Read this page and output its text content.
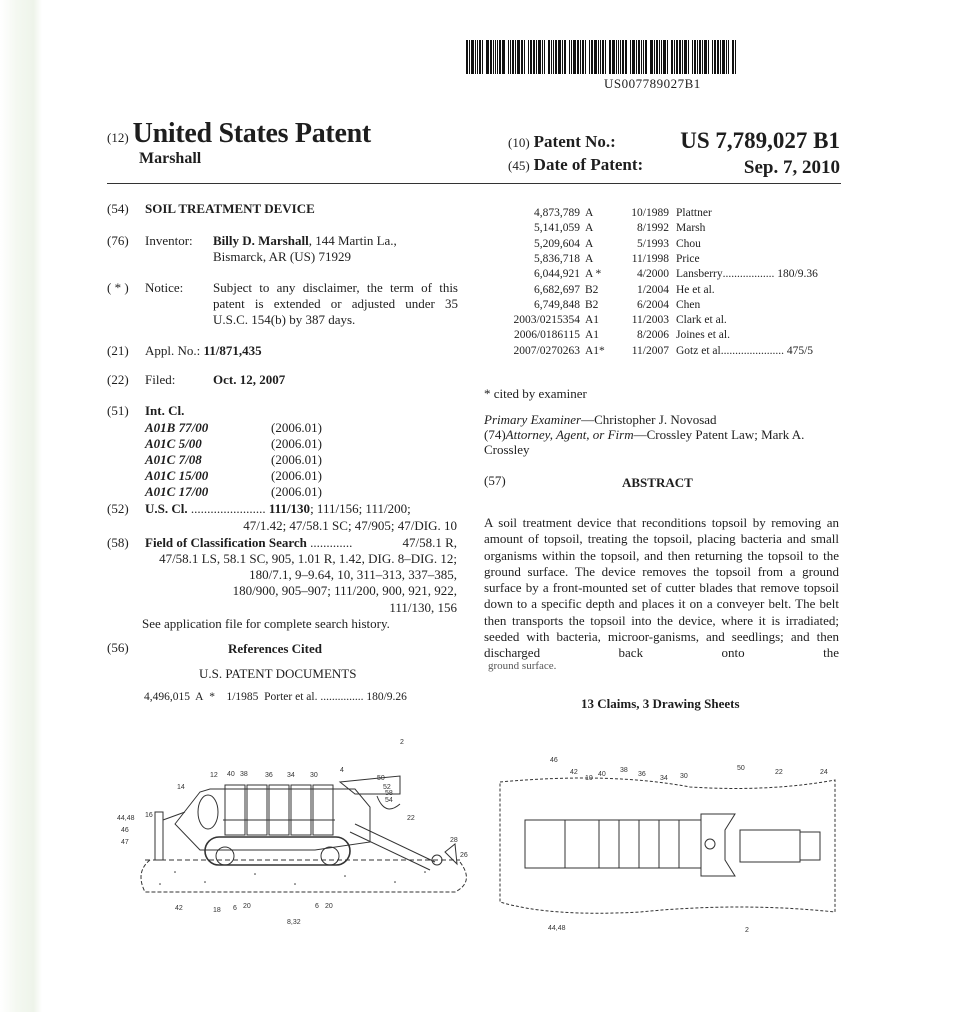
US007789027B1
(12) United States Patent
Marshall
(10) Patent No.:	US 7,789,027 B1
(45) Date of Patent:	Sep. 7, 2010
(54) SOIL TREATMENT DEVICE
(76) Inventor: Billy D. Marshall, 144 Martin La.,
Bismarck, AR (US) 71929
( * ) Notice: Subject to any disclaimer, the term of this
patent is extended or adjusted under 35
U.S.C. 154(b) by 387 days.
(21) Appl. No.: 11/871,435
(22) Filed:	Oct. 12, 2007
(51) Int. Cl.
A01B 77/00	(2006.01)
A01C 5/00	(2006.01)
A01C 7/08	(2006.01)
A01C 15/00	(2006.01)
A01C 17/00	(2006.01)
(52) U.S. Cl. ....................... 111/130; 111/156; 111/200;
47/1.42; 47/58.1 SC; 47/905; 47/DIG. 10
(58) Field of Classification Search .............	47/58.1 R,
47/58.1 LS, 58.1 SC, 905, 1.01 R, 1.42, DIG. 8–DIG. 12;
180/7.1, 9–9.64, 10, 311–313, 337–385,
180/900, 905–907; 111/200, 900, 921, 922,
111/130, 156
See application file for complete search history.
(56)	References Cited
U.S. PATENT DOCUMENTS
4,496,015 A * 1/1985 Porter et al. ............... 180/9.26
4,873,789 A	10/1989 Plattner
5,141,059 A	8/1992 Marsh
5,209,604 A	5/1993 Chou
5,836,718 A	11/1998 Price
6,044,921 A *	4/2000 Lansberry.................. 180/9.36
6,682,697 B2	1/2004 He et al.
6,749,848 B2	6/2004 Chen
2003/0215354 A1	11/2003 Clark et al.
2006/0186115 A1	8/2006 Joines et al.
2007/0270263 A1* 11/2007 Gotz et al...................... 475/5
* cited by examiner
Primary Examiner—Christopher J. Novosad
(74)Attorney, Agent, or Firm—Crossley Patent Law; Mark A.
Crossley
(57)	ABSTRACT
A soil treatment device that reconditions topsoil by removing an amount of topsoil, treating the topsoil, placing bacteria and small organisms within the topsoil, and then returning the topsoil to the ground surface. The device removes the topsoil from a ground surface by a front-mounted set of cutter blades that remove topsoil down to a specific depth and places it on a conveyer belt. The belt then transports the topsoil into the device, where it is irradiated; seeded with bacteria, microor-ganisms, and seedlings; and then discharged back onto the
ground surface.
13 Claims, 3 Drawing Sheets
2
12 40 38 36 34 30
4
14
16
50
52
58
54
22
44,48
46
47	28
26
42	18 6 20	6 20
8,32
46
42
10
40
38
36
34 30
50
22	24
44,48	2
